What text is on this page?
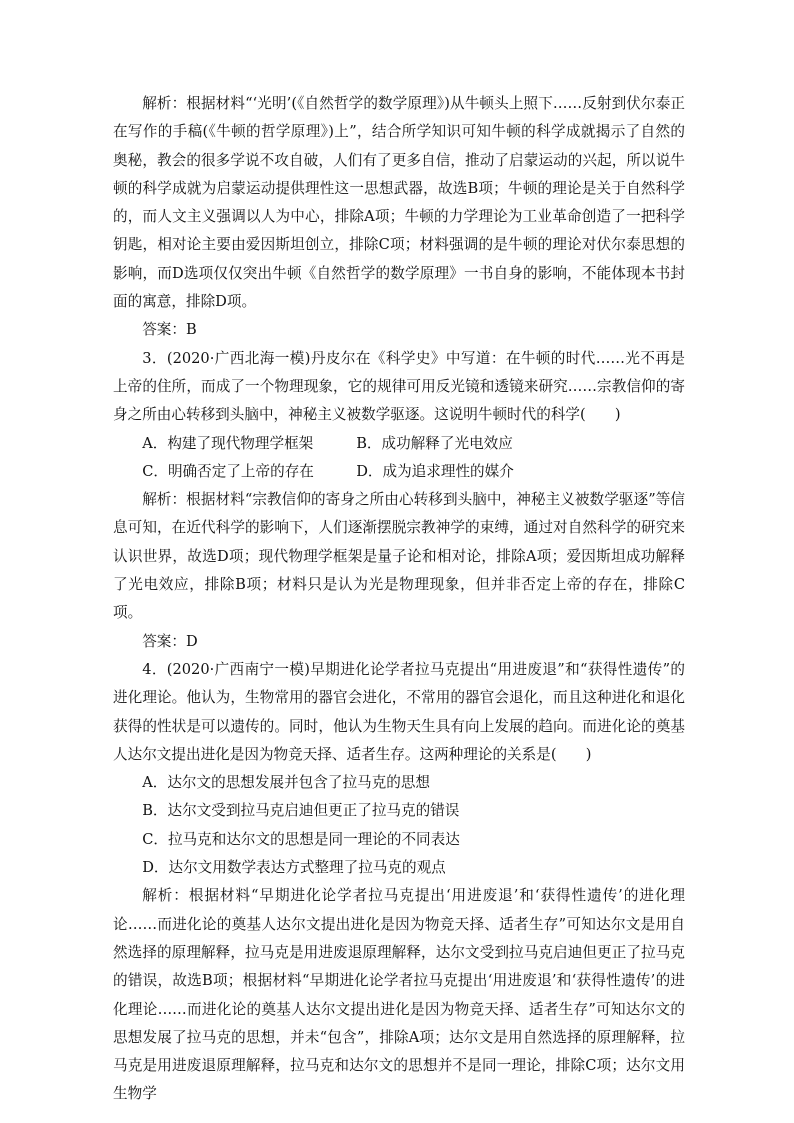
解析：根据材料“‘光明’(《自然哲学的数学原理》)从牛顿头上照下……反射到伏尔泰正在写作的手稿(《牛顿的哲学原理》)上”，结合所学知识可知牛顿的科学成就揭示了自然的奥秘，教会的很多学说不攻自破，人们有了更多自信，推动了启蒙运动的兴起，所以说牛顿的科学成就为启蒙运动提供理性这一思想武器，故选B项；牛顿的理论是关于自然科学的，而人文主义强调以人为中心，排除A项；牛顿的力学理论为工业革命创造了一把科学钥匙，相对论主要由爱因斯坦创立，排除C项；材料强调的是牛顿的理论对伏尔泰思想的影响，而D选项仅仅突出牛顿《自然哲学的数学原理》一书自身的影响，不能体现本书封面的寓意，排除D项。

答案：B

3．(2020·广西北海一模)丹皮尔在《科学史》中写道：在牛顿的时代……光不再是上帝的住所，而成了一个物理现象，它的规律可用反光镜和透镜来研究……宗教信仰的寄身之所由心转移到头脑中，神秘主义被数学驱逐。这说明牛顿时代的科学(　　)

A．构建了现代物理学框架	B．成功解释了光电效应
C．明确否定了上帝的存在	D．成为追求理性的媒介

解析：根据材料“宗教信仰的寄身之所由心转移到头脑中，神秘主义被数学驱逐”等信息可知，在近代科学的影响下，人们逐渐摆脱宗教神学的束缚，通过对自然科学的研究来认识世界，故选D项；现代物理学框架是量子论和相对论，排除A项；爱因斯坦成功解释了光电效应，排除B项；材料只是认为光是物理现象，但并非否定上帝的存在，排除C项。

答案：D

4．(2020·广西南宁一模)早期进化论学者拉马克提出“用进废退”和“获得性遗传”的进化理论。他认为，生物常用的器官会进化，不常用的器官会退化，而且这种进化和退化获得的性状是可以遗传的。同时，他认为生物天生具有向上发展的趋向。而进化论的奠基人达尔文提出进化是因为物竞天择、适者生存。这两种理论的关系是(　　)

A．达尔文的思想发展并包含了拉马克的思想

B．达尔文受到拉马克启迪但更正了拉马克的错误

C．拉马克和达尔文的思想是同一理论的不同表达

D．达尔文用数学表达方式整理了拉马克的观点

解析：根据材料“早期进化论学者拉马克提出‘用进废退’和‘获得性遗传’的进化理论……而进化论的奠基人达尔文提出进化是因为物竞天择、适者生存”可知达尔文是用自然选择的原理解释，拉马克是用进废退原理解释，达尔文受到拉马克启迪但更正了拉马克的错误，故选B项；根据材料“早期进化论学者拉马克提出‘用进废退’和‘获得性遗传’的进化理论……而进化论的奠基人达尔文提出进化是因为物竞天择、适者生存”可知达尔文的思想发展了拉马克的思想，并未“包含”，排除A项；达尔文是用自然选择的原理解释，拉马克是用进废退原理解释，拉马克和达尔文的思想并不是同一理论，排除C项；达尔文用生物学
